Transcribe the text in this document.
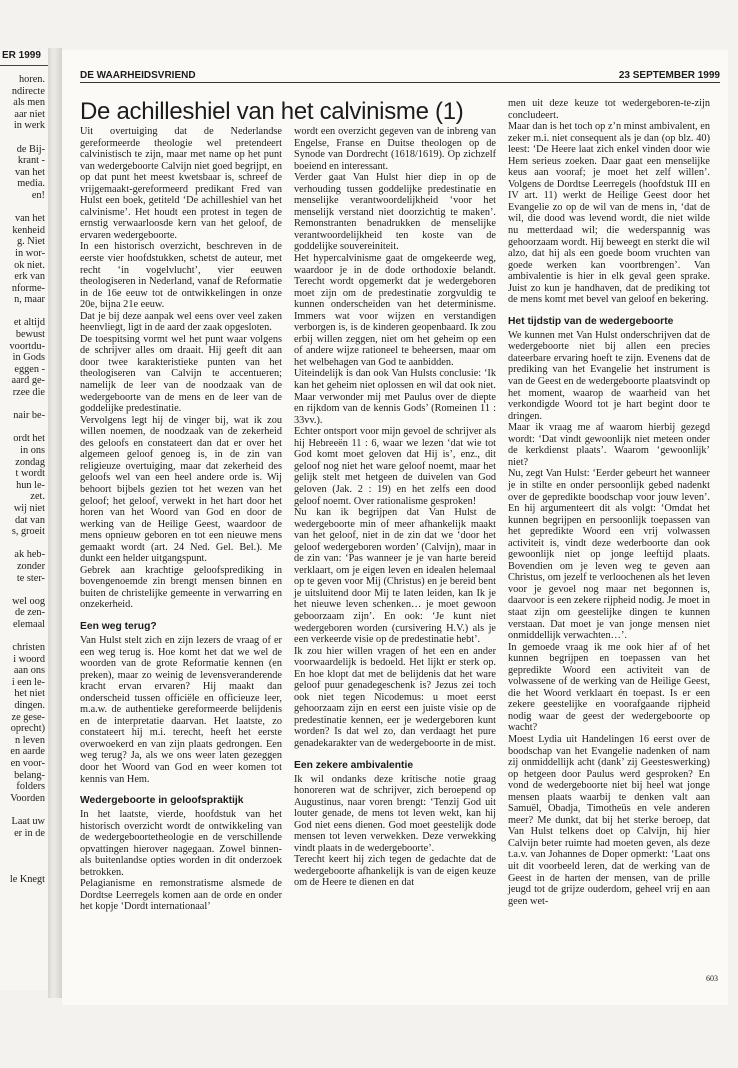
ER 1999
horen.
ndirecte
als men
aar niet
in werk

de Bij-
krant -
van het
media.
en!

van het
kenheid
g. Niet
in wor-
ok niet.
erk van
nforme-
n, maar

et altijd
bewust
voortdu-
in Gods
eggen -
aard ge-
rzee die

nair be-

ordt het
in ons
zondag
t wordt
hun le-
zet.
wij niet
dat van
s, groeit

ak heb-
zonder
te ster-

wel oog
de zen-
elemaal

christen
i woord
aan ons
i een le-
het niet
dingen.
ze gese-
oprecht)
n leven
en aarde
en voor-
belang-
folders
Voorden

Laat uw
er in de

le Knegt
DE WAARHEIDSVRIEND	23 SEPTEMBER 1999
De achilleshiel van het calvinisme (1)

Uit overtuiging dat de Nederlandse gereformeerde theologie wel pretendeert calvinistisch te zijn, maar met name op het punt van wedergeboorte Calvijn niet goed begrijpt, en op dat punt het meest kwetsbaar is, schreef de vrijgemaakt-gereformeerd predikant Fred van Hulst een boek, getiteld ‘De achilleshiel van het calvinisme’. Het houdt een protest in tegen de ernstig verwaarloosde kern van het geloof, de ervaren wedergeboorte.

In een historisch overzicht, beschreven in de eerste vier hoofdstukken, schetst de auteur, met recht ‘in vogelvlucht’, vier eeuwen theologiseren in Nederland, vanaf de Reformatie in de 16e eeuw tot de ontwikkelingen in onze 20e, bijna 21e eeuw.

Dat je bij deze aanpak wel eens over veel zaken heenvliegt, ligt in de aard der zaak opgesloten.

De toespitsing vormt wel het punt waar volgens de schrijver alles om draait. Hij geeft dit aan door twee karakteristieke punten van het theologiseren van Calvijn te accentueren; namelijk de leer van de noodzaak van de wedergeboorte van de mens en de leer van de goddelijke predestinatie.

Vervolgens legt hij de vinger bij, wat ik zou willen noemen, de noodzaak van de zekerheid des geloofs en constateert dan dat er over het algemeen geloof genoeg is, in de zin van religieuze overtuiging, maar dat zekerheid des geloofs wel van een heel andere orde is. Wij behoort bijbels gezien tot het wezen van het geloof; het geloof, verwekt in het hart door het horen van het Woord van God en door de werking van de Heilige Geest, waardoor de mens opnieuw geboren en tot een nieuwe mens gemaakt wordt (art. 24 Ned. Gel. Bel.). Me dunkt een helder uitgangspunt.

Gebrek aan krachtige geloofsprediking in bovengenoemde zin brengt mensen binnen en buiten de christelijke gemeente in verwarring en onzekerheid.

Een weg terug?

Van Hulst stelt zich en zijn lezers de vraag of er een weg terug is. Hoe komt het dat we wel de woorden van de grote Reformatie kennen (en preken), maar zo weinig de levensveranderende kracht ervan ervaren? Hij maakt dan onderscheid tussen officiële en officieuze leer, m.a.w. de authentieke gereformeerde belijdenis en de interpretatie daarvan. Het laatste, zo constateert hij m.i. terecht, heeft het eerste overwoekerd en van zijn plaats gedrongen. Een weg terug? Ja, als we ons weer laten gezeggen door het Woord van God en weer komen tot kennis van Hem.

Wedergeboorte in geloofspraktijk

In het laatste, vierde, hoofdstuk van het historisch overzicht wordt de ontwikkeling van de wedergeboortetheologie en de verschillende opvattingen hierover nagegaan. Zowel binnen- als buitenlandse opties worden in dit onderzoek betrokken.

Pelagianisme en remonstratisme alsmede de Dordtse Leerregels komen aan de orde en onder het kopje ‘Dordt internationaal’

wordt een overzicht gegeven van de inbreng van Engelse, Franse en Duitse theologen op de Synode van Dordrecht (1618/1619). Op zichzelf boeiend en interessant.

Verder gaat Van Hulst hier diep in op de verhouding tussen goddelijke predestinatie en menselijke verantwoordelijkheid ‘voor het menselijk verstand niet doorzichtig te maken’. Remonstranten benadrukken de menselijke verantwoordelijkheid ten koste van de goddelijke souvereiniteit.

Het hypercalvinisme gaat de omgekeerde weg, waardoor je in de dode orthodoxie belandt. Terecht wordt opgemerkt dat je wedergeboren moet zijn om de predestinatie zorgvuldig te kunnen onderscheiden van het determinisme. Immers wat voor wijzen en verstandigen verborgen is, is de kinderen geopenbaard. Ik zou erbij willen zeggen, niet om het geheim op een of andere wijze rationeel te beheersen, maar om het welbehagen van God te aanbidden.

Uiteindelijk is dan ook Van Hulsts conclusie: ‘Ik kan het geheim niet oplossen en wil dat ook niet. Maar verwonder mij met Paulus over de diepte en rijkdom van de kennis Gods’ (Romeinen 11 : 33vv.).

Echter ontsport voor mijn gevoel de schrijver als hij Hebreeën 11 : 6, waar we lezen ‘dat wie tot God komt moet geloven dat Hij is’, enz., dit geloof nog niet het ware geloof noemt, maar het gelijk stelt met hetgeen de duivelen van God geloven (Jak. 2 : 19) en het zelfs een dood geloof noemt. Over rationalisme gesproken!

Nu kan ik begrijpen dat Van Hulst de wedergeboorte min of meer afhankelijk maakt van het geloof, niet in de zin dat we ‘door het geloof wedergeboren worden’ (Calvijn), maar in de zin van: ‘Pas wanneer je je van harte bereid verklaart, om je eigen leven en idealen helemaal op te geven voor Mij (Christus) en je bereid bent je uitsluitend door Mij te laten leiden, kan Ik je het nieuwe leven schenken… je moet gewoon geboorzaam zijn’. En ook: ‘Je kunt niet wedergeboren worden (cursivering H.V.) als je een verkeerde visie op de predestinatie hebt’.

Ik zou hier willen vragen of het een en ander voorwaardelijk is bedoeld. Het lijkt er sterk op. En hoe klopt dat met de belijdenis dat het ware geloof puur genadegeschenk is? Jezus zei toch ook niet tegen Nicodemus: u moet eerst gehoorzaam zijn en eerst een juiste visie op de predestinatie kennen, eer je wedergeboren kunt worden? Is dat wel zo, dan verdaagt het pure genadekarakter van de wedergeboorte in de mist.

Een zekere ambivalentie

Ik wil ondanks deze kritische notie graag honoreren wat de schrijver, zich beroepend op Augustinus, naar voren brengt: ‘Tenzij God uit louter genade, de mens tot leven wekt, kan hij God niet eens dienen. God moet geestelijk dode mensen tot leven verwekken. Deze verwekking vindt plaats in de wedergeboorte’.

Terecht keert hij zich tegen de gedachte dat de wedergeboorte afhankelijk is van de eigen keuze om de Heere te dienen en dat

men uit deze keuze tot wedergeboren-te-zijn concludeert.

Maar dan is het toch op z’n minst ambivalent, en zeker m.i. niet consequent als je dan (op blz. 40) leest: ‘De Heere laat zich enkel vinden door wie Hem serieus zoeken. Daar gaat een menselijke keus aan vooraf; je moet het zelf willen’. Volgens de Dordtse Leerregels (hoofdstuk III en IV art. 11) werkt de Heilige Geest door het Evangelie zo op de wil van de mens in, ‘dat de wil, die dood was levend wordt, die niet wilde nu metterdaad wil; die wederspannig was gehoorzaam wordt. Hij beweegt en sterkt die wil alzo, dat hij als een goede boom vruchten van goede werken kan voortbrengen’. Van ambivalentie is hier in elk geval geen sprake. Juist zo kun je handhaven, dat de prediking tot de mens komt met bevel van geloof en bekering.

Het tijdstip van de wedergeboorte

We kunnen met Van Hulst onderschrijven dat de wedergeboorte niet bij allen een precies dateerbare ervaring hoeft te zijn. Evenens dat de prediking van het Evangelie het instrument is van de Geest en de wedergeboorte plaatsvindt op het moment, waarop de waarheid van het verkondigde Woord tot je hart begint door te dringen.

Maar ik vraag me af waarom hierbij gezegd wordt: ‘Dat vindt gewoonlijk niet meteen onder de kerkdienst plaats’. Waarom ‘gewoonlijk’ niet?

Nu, zegt Van Hulst: ‘Eerder gebeurt het wanneer je in stilte en onder persoonlijk gebed nadenkt over de gepredikte boodschap voor jouw leven’. En hij argumenteert dit als volgt: ‘Omdat het kunnen begrijpen en persoonlijk toepassen van het gepredikte Woord een vrij volwassen activiteit is, vindt deze wederboorte dan ook gewoonlijk niet op jonge leeftijd plaats. Bovendien om je leven weg te geven aan Christus, om jezelf te verloochenen als het leven voor je gevoel nog maar net begonnen is, daarvoor is een zekere rijpheid nodig. Je moet in staat zijn om geestelijke dingen te kunnen verstaan. Dat moet je van jonge mensen niet onmiddellijk verwachten…’.

In gemoede vraag ik me ook hier af of het kunnen begrijpen en toepassen van het gepredikte Woord een activiteit van de volwassene of de werking van de Heilige Geest, die het Woord verklaart én toepast. Is er een zekere geestelijke en voorafgaande rijpheid nodig waar de geest der wedergeboorte op wacht?

Moest Lydia uit Handelingen 16 eerst over de boodschap van het Evangelie nadenken of nam zij onmiddellijk acht (dank’ zij Geesteswerking) op hetgeen door Paulus werd gesproken? En vond de wedergeboorte niet bij heel wat jonge mensen plaats waarbij te denken valt aan Samuël, Obadja, Timotheüs en vele anderen meer? Me dunkt, dat bij het sterke beroep, dat Van Hulst telkens doet op Calvijn, hij hier Calvijn beter ruimte had moeten geven, als deze t.a.v. van Johannes de Doper opmerkt: ‘Laat ons uit dit voorbeeld leren, dat de werking van de Geest in de harten der mensen, van de prille jeugd tot de grijze ouderdom, geheel vrij en aan geen wet-

603
